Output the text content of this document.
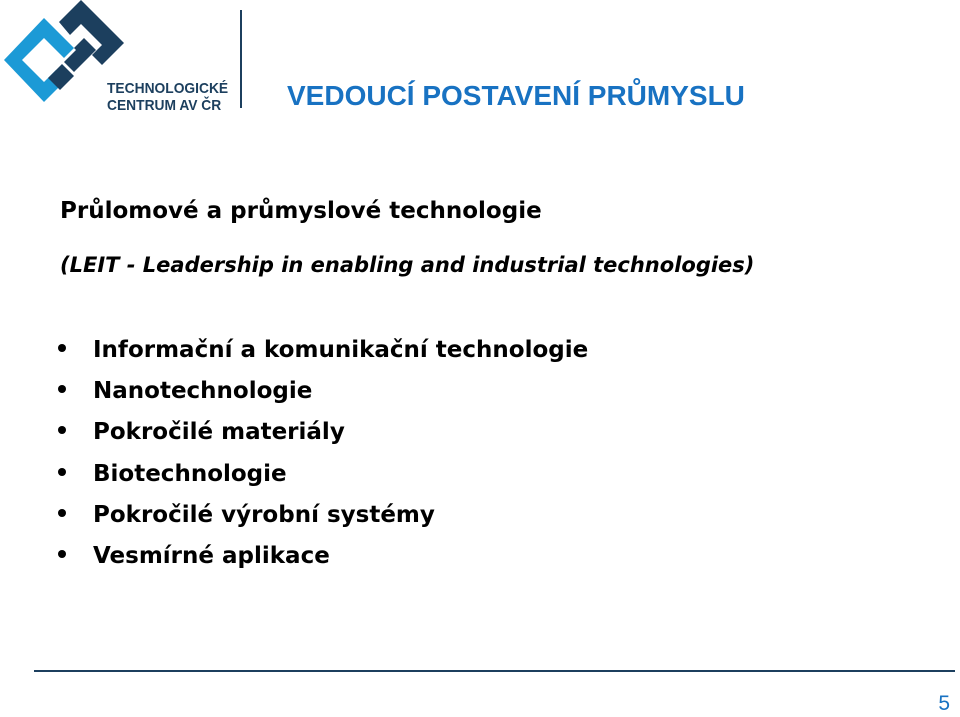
TECHNOLOGICKÉ
CENTRUM AV ČR VEDOUCÍ POSTAVENÍ PRŮMYSLU
Průlomové a průmyslové technologie
(LEIT - Leadership in enabling and industrial technologies)
Informační a komunikační technologie
Nanotechnologie
Pokročilé materiály
Biotechnologie
Pokročilé výrobní systémy
Vesmírné aplikace
5
